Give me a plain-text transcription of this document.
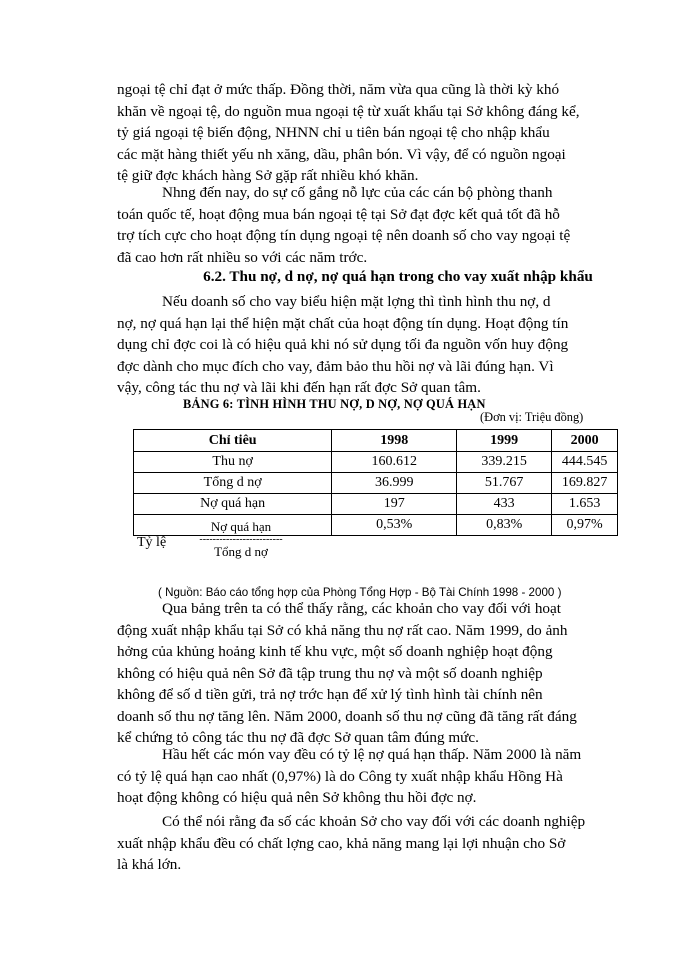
ngoại tệ chỉ đạt ở mức thấp. Đồng thời, năm vừa qua cũng là thời kỳ khó
khăn về ngoại tệ, do nguồn mua ngoại tệ từ xuất khẩu tại Sở không đáng kể,
tỷ giá ngoại tệ biến động, NHNN chỉ u tiên bán ngoại tệ cho nhập khẩu
các mặt hàng thiết yếu nh xăng, dầu, phân bón. Vì vậy, để có nguồn ngoại
tệ giữ đợc khách hàng Sở gặp rất nhiều khó khăn.
Nhng đến nay, do sự cố gắng nỗ lực của các cán bộ phòng thanh
toán quốc tế, hoạt động mua bán ngoại tệ tại Sở đạt đợc kết quả tốt đã hỗ
trợ tích cực cho hoạt động tín dụng ngoại tệ nên doanh số cho vay ngoại tệ
đã cao hơn rất nhiều so với các năm trớc.
6.2. Thu nợ, d nợ, nợ quá hạn trong cho vay xuất nhập khẩu
Nếu doanh số cho vay biểu hiện mặt lợng thì tình hình thu nợ, d
nợ, nợ quá hạn lại thể hiện mặt chất của hoạt động tín dụng. Hoạt động tín
dụng chỉ đợc coi là có hiệu quả khi nó sử dụng tối đa nguồn vốn huy động
đợc dành cho mục đích cho vay, đảm bảo thu hồi nợ và lãi đúng hạn. Vì
vậy, công tác thu nợ và lãi khi đến hạn rất đợc Sở quan tâm.
BẢNG 6: TÌNH HÌNH THU NỢ, D NỢ, NỢ QUÁ HẠN
(Đơn vị: Triệu đồng)
Chỉ tiêu	1998	1999	2000
Thu nợ	160.612	339.215	444.545
Tổng d nợ	36.999	51.767	169.827
Nợ quá hạn	197	433	1.653

Tỷ lệ
Nợ quá hạn
-------------------------
Tổng d nợ	0,53%	0,83%	0,97%
( Nguồn: Báo cáo tổng hợp của Phòng Tổng Hợp - Bộ Tài Chính 1998 - 2000 )
Qua bảng trên ta có thể thấy rằng, các khoản cho vay đối với hoạt
động xuất nhập khẩu tại Sở có khả năng thu nợ rất cao. Năm 1999, do ảnh
hởng của khủng hoảng kinh tế khu vực, một số doanh nghiệp hoạt động
không có hiệu quả nên Sở đã tập trung thu nợ và một số doanh nghiệp
không để số d tiền gửi, trả nợ trớc hạn để xử lý tình hình tài chính nên
doanh số thu nợ tăng lên. Năm 2000, doanh số thu nợ cũng đã tăng rất đáng
kể chứng tỏ công tác thu nợ đã đợc Sở quan tâm đúng mức.
Hầu hết các món vay đều có tỷ lệ nợ quá hạn thấp. Năm 2000 là năm
có tỷ lệ quá hạn cao nhất (0,97%) là do Công ty xuất nhập khẩu Hồng Hà
hoạt động không có hiệu quả nên Sở không thu hồi đợc nợ.
Có thể nói rằng đa số các khoản Sở cho vay đối với các doanh nghiệp
xuất nhập khẩu đều có chất lợng cao, khả năng mang lại lợi nhuận cho Sở
là khá lớn.
